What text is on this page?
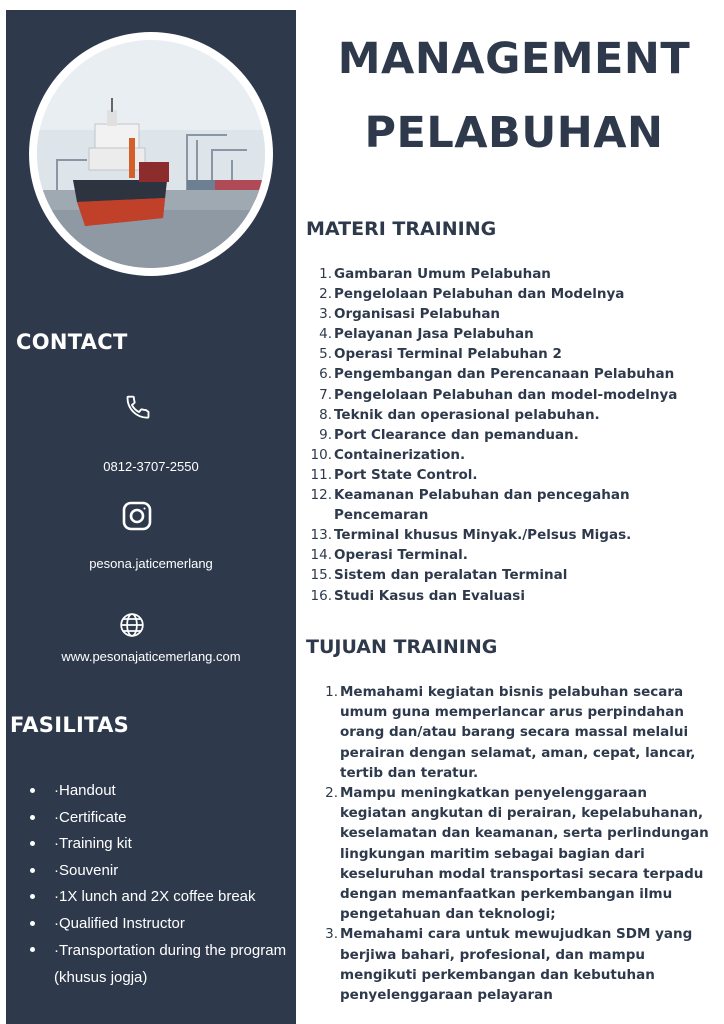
CONTACT
0812-3707-2550
pesona.jaticemerlang
www.pesonajaticemerlang.com
FASILITAS
·Handout
·Certificate
·Training kit
·Souvenir
·1X lunch and 2X coffee break
·Qualified Instructor
·Transportation during the program (khusus jogja)
MANAGEMENT
PELABUHAN
MATERI TRAINING
1. Gambaran Umum Pelabuhan
2. Pengelolaan Pelabuhan dan Modelnya
3. Organisasi Pelabuhan
4. Pelayanan Jasa Pelabuhan
5. Operasi Terminal Pelabuhan 2
6. Pengembangan dan Perencanaan Pelabuhan
7. Pengelolaan Pelabuhan dan model-modelnya
8. Teknik dan operasional pelabuhan.
9. Port Clearance dan pemanduan.
10. Containerization.
11. Port State Control.
12. Keamanan Pelabuhan dan pencegahan Pencemaran
13. Terminal khusus Minyak./Pelsus Migas.
14. Operasi Terminal.
15. Sistem dan peralatan Terminal
16. Studi Kasus dan Evaluasi
TUJUAN TRAINING
1. Memahami kegiatan bisnis pelabuhan secara umum guna memperlancar arus perpindahan orang dan/atau barang secara massal melalui perairan dengan selamat, aman, cepat, lancar, tertib dan teratur.
2. Mampu meningkatkan penyelenggaraan kegiatan angkutan di perairan, kepelabuhanan, keselamatan dan keamanan, serta perlindungan lingkungan maritim sebagai bagian dari keseluruhan modal transportasi secara terpadu dengan memanfaatkan perkembangan ilmu pengetahuan dan teknologi;
3. Memahami cara untuk mewujudkan SDM yang berjiwa bahari, profesional, dan mampu mengikuti perkembangan dan kebutuhan penyelenggaraan pelayaran
